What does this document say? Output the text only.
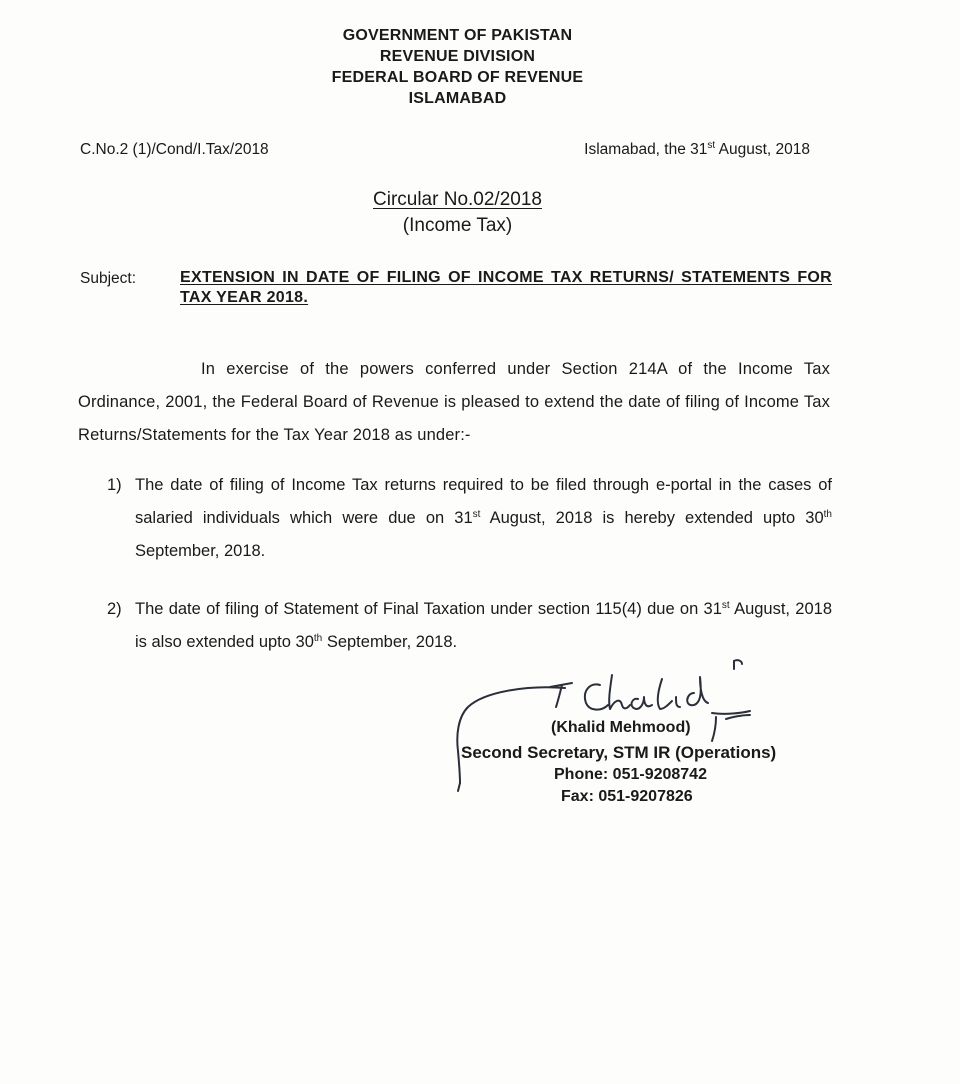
GOVERNMENT OF PAKISTAN
REVENUE DIVISION
FEDERAL BOARD OF REVENUE
ISLAMABAD
C.No.2 (1)/Cond/I.Tax/2018	Islamabad, the 31st August, 2018
Circular No.02/2018
(Income Tax)
Subject:	EXTENSION IN DATE OF FILING OF INCOME TAX RETURNS/ STATEMENTS FOR TAX YEAR 2018.
In exercise of the powers conferred under Section 214A of the Income Tax Ordinance, 2001, the Federal Board of Revenue is pleased to extend the date of filing of Income Tax Returns/Statements for the Tax Year 2018 as under:-
1) The date of filing of Income Tax returns required to be filed through e-portal in the cases of salaried individuals which were due on 31st August, 2018 is hereby extended upto 30th September, 2018.
2) The date of filing of Statement of Final Taxation under section 115(4) due on 31st August, 2018 is also extended upto 30th September, 2018.
Chalid	(Khalid Mehmood)
Second Secretary, STM IR (Operations)
Phone: 051-9208742
Fax: 051-9207826
